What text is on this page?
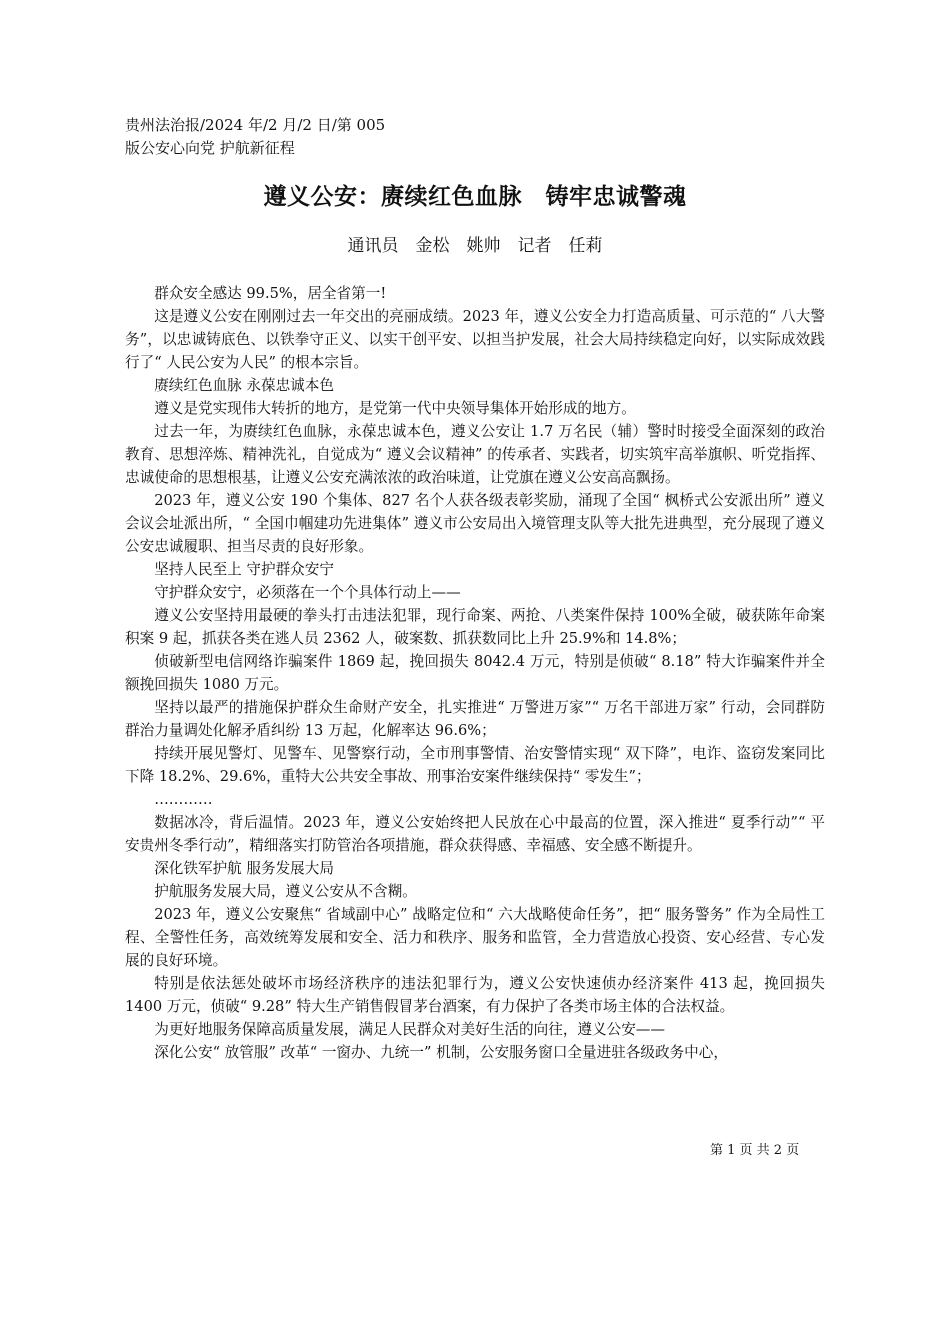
贵州法治报/2024 年/2 月/2 日/第 005
版公安心向党 护航新征程
遵义公安：赓续红色血脉　铸牢忠诚警魂
通讯员　金松　姚帅　记者　任莉

群众安全感达 99.5%，居全省第一!

这是遵义公安在刚刚过去一年交出的亮丽成绩。2023 年，遵义公安全力打造高质量、可示范的“ 八大警务”，以忠诚铸底色、以铁拳守正义、以实干创平安、以担当护发展，社会大局持续稳定向好，以实际成效践行了“ 人民公安为人民” 的根本宗旨。

赓续红色血脉 永葆忠诚本色

遵义是党实现伟大转折的地方，是党第一代中央领导集体开始形成的地方。

过去一年，为赓续红色血脉，永葆忠诚本色，遵义公安让 1.7 万名民（辅）警时时接受全面深刻的政治教育、思想淬炼、精神洗礼，自觉成为“ 遵义会议精神” 的传承者、实践者，切实筑牢高举旗帜、听党指挥、忠诚使命的思想根基，让遵义公安充满浓浓的政治味道，让党旗在遵义公安高高飘扬。

2023 年，遵义公安 190 个集体、827 名个人获各级表彰奖励，涌现了全国“ 枫桥式公安派出所” 遵义会议会址派出所，“ 全国巾帼建功先进集体” 遵义市公安局出入境管理支队等大批先进典型，充分展现了遵义公安忠诚履职、担当尽责的良好形象。

坚持人民至上 守护群众安宁

守护群众安宁，必须落在一个个具体行动上——

遵义公安坚持用最硬的拳头打击违法犯罪，现行命案、两抢、八类案件保持 100%全破，破获陈年命案积案 9 起，抓获各类在逃人员 2362 人，破案数、抓获数同比上升 25.9%和 14.8%；

侦破新型电信网络诈骗案件 1869 起，挽回损失 8042.4 万元，特别是侦破“ 8.18” 特大诈骗案件并全额挽回损失 1080 万元。

坚持以最严的措施保护群众生命财产安全，扎实推进“ 万警进万家”“ 万名干部进万家” 行动，会同群防群治力量调处化解矛盾纠纷 13 万起，化解率达 96.6%；

持续开展见警灯、见警车、见警察行动，全市刑事警情、治安警情实现“ 双下降”，电诈、盗窃发案同比下降 18.2%、29.6%，重特大公共安全事故、刑事治安案件继续保持“ 零发生”；

…………

数据冰冷，背后温情。2023 年，遵义公安始终把人民放在心中最高的位置，深入推进“ 夏季行动”“ 平安贵州冬季行动”，精细落实打防管治各项措施，群众获得感、幸福感、安全感不断提升。

深化铁军护航 服务发展大局

护航服务发展大局，遵义公安从不含糊。

2023 年，遵义公安聚焦“ 省域副中心” 战略定位和“ 六大战略使命任务”，把“ 服务警务” 作为全局性工程、全警性任务，高效统筹发展和安全、活力和秩序、服务和监管，全力营造放心投资、安心经营、专心发展的良好环境。

特别是依法惩处破坏市场经济秩序的违法犯罪行为，遵义公安快速侦办经济案件 413 起，挽回损失 1400 万元，侦破“ 9.28” 特大生产销售假冒茅台酒案，有力保护了各类市场主体的合法权益。

为更好地服务保障高质量发展，满足人民群众对美好生活的向往，遵义公安——

深化公安“ 放管服” 改革“ 一窗办、九统一” 机制，公安服务窗口全量进驻各级政务中心，

第 1 页 共 2 页
